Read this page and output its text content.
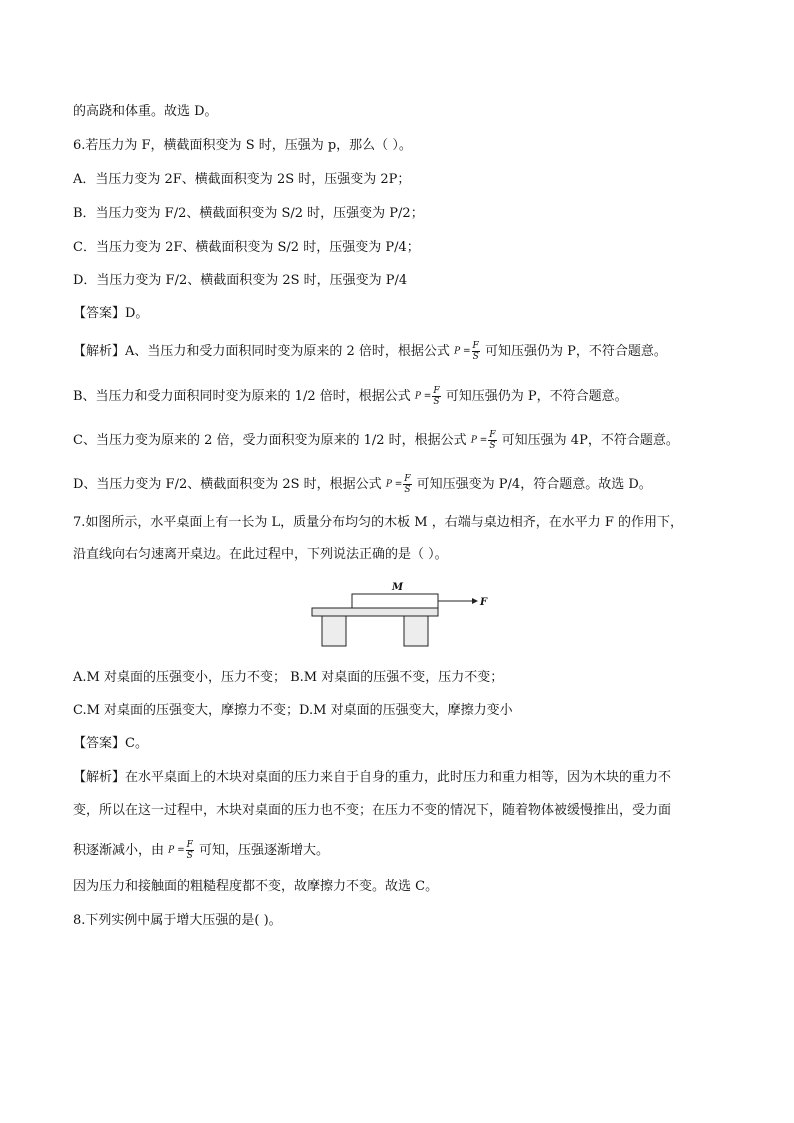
的高跷和体重。故选 D。
6.若压力为 F，横截面积变为 S 时，压强为 p，那么（ ）。
A．当压力变为 2F、横截面积变为 2S 时，压强变为 2P；
B．当压力变为 F/2、横截面积变为 S/2 时，压强变为 P/2；
C．当压力变为 2F、横截面积变为 S/2 时，压强变为 P/4；
D．当压力变为 F/2、横截面积变为 2S 时，压强变为 P/4
【答案】D。
【解析】A、当压力和受力面积同时变为原来的 2 倍时，根据公式 $P = \frac{F}{S}$ 可知压强仍为 P，不符合题意。
B、当压力和受力面积同时变为原来的 1/2 倍时，根据公式 $P = \frac{F}{S}$ 可知压强仍为 P，不符合题意。
C、当压力变为原来的 2 倍，受力面积变为原来的 1/2 时，根据公式 $P = \frac{F}{S}$ 可知压强为 4P，不符合题意。
D、当压力变为 F/2、横截面积变为 2S 时，根据公式 $P = \frac{F}{S}$ 可知压强变为 P/4，符合题意。故选 D。
7.如图所示，水平桌面上有一长为 L，质量分布均匀的木板 M ，右端与桌边相齐，在水平力 F 的作用下，
沿直线向右匀速离开桌边。在此过程中，下列说法正确的是（ ）。
M
F
A.M 对桌面的压强变小，压力不变； B.M 对桌面的压强不变，压力不变；
C.M 对桌面的压强变大，摩擦力不变；D.M 对桌面的压强变大，摩擦力变小
【答案】C。
【解析】在水平桌面上的木块对桌面的压力来自于自身的重力，此时压力和重力相等，因为木块的重力不
变，所以在这一过程中，木块对桌面的压力也不变；在压力不变的情况下，随着物体被缓慢推出，受力面
积逐渐减小，由 $P = \frac{F}{S}$ 可知，压强逐渐增大。
因为压力和接触面的粗糙程度都不变，故摩擦力不变。故选 C。
8.下列实例中属于增大压强的是( )。
